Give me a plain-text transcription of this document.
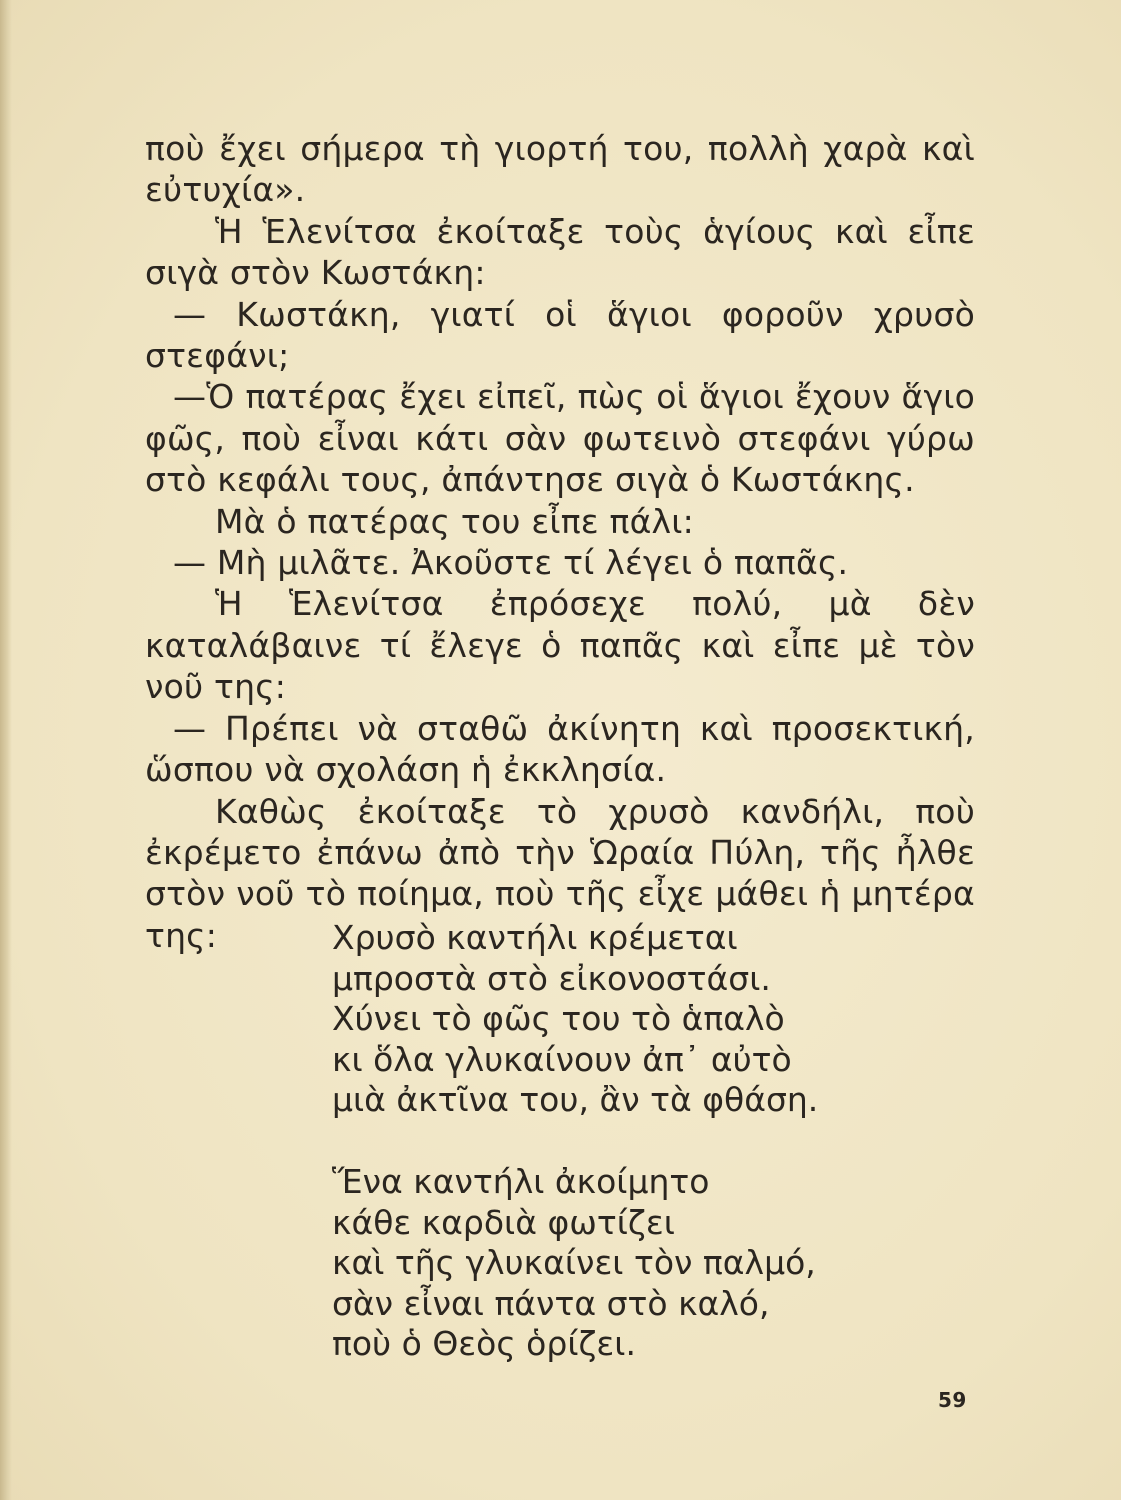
ποὺ ἔχει σήμερα τὴ γιορτή του, πολλὴ χαρὰ καὶ εὐτυχία».

Ἡ Ἑλενίτσα ἐκοίταξε τοὺς ἁγίους καὶ εἶπε σιγὰ στὸν Κωστάκη:

— Κωστάκη, γιατί οἱ ἅγιοι φοροῦν χρυσὸ στεφάνι;

—Ὁ πατέρας ἔχει εἰπεῖ, πὼς οἱ ἅγιοι ἔχουν ἅγιο φῶς, ποὺ εἶναι κάτι σὰν φωτεινὸ στεφάνι γύρω στὸ κεφάλι τους, ἀπάντησε σιγὰ ὁ Κωστάκης.

Μὰ ὁ πατέρας του εἶπε πάλι:

— Μὴ μιλᾶτε. Ἀκοῦστε τί λέγει ὁ παπᾶς.

Ἡ Ἑλενίτσα ἐπρόσεχε πολύ, μὰ δὲν καταλάβαινε τί ἔλεγε ὁ παπᾶς καὶ εἶπε μὲ τὸν νοῦ της:

— Πρέπει νὰ σταθῶ ἀκίνητη καὶ προσεκτική, ὥσπου νὰ σχολάση ἡ ἐκκλησία.

Καθὼς ἐκοίταξε τὸ χρυσὸ κανδήλι, ποὺ ἐκρέμετο ἐπάνω ἀπὸ τὴν Ὡραία Πύλη, τῆς ἦλθε στὸν νοῦ τὸ ποίημα, ποὺ τῆς εἶχε μάθει ἡ μητέρα της:	Χρυσὸ καντήλι κρέμεται
μπροστὰ στὸ εἰκονοστάσι.
Χύνει τὸ φῶς του τὸ ἁπαλὸ
κι ὅλα γλυκαίνουν ἀπ᾽ αὐτὸ
μιὰ ἀκτῖνα του, ἂν τὰ φθάση.
Ἕνα καντήλι ἀκοίμητο
κάθε καρδιὰ φωτίζει
καὶ τῆς γλυκαίνει τὸν παλμό,
σὰν εἶναι πάντα στὸ καλό,
ποὺ ὁ Θεὸς ὁρίζει.
59
